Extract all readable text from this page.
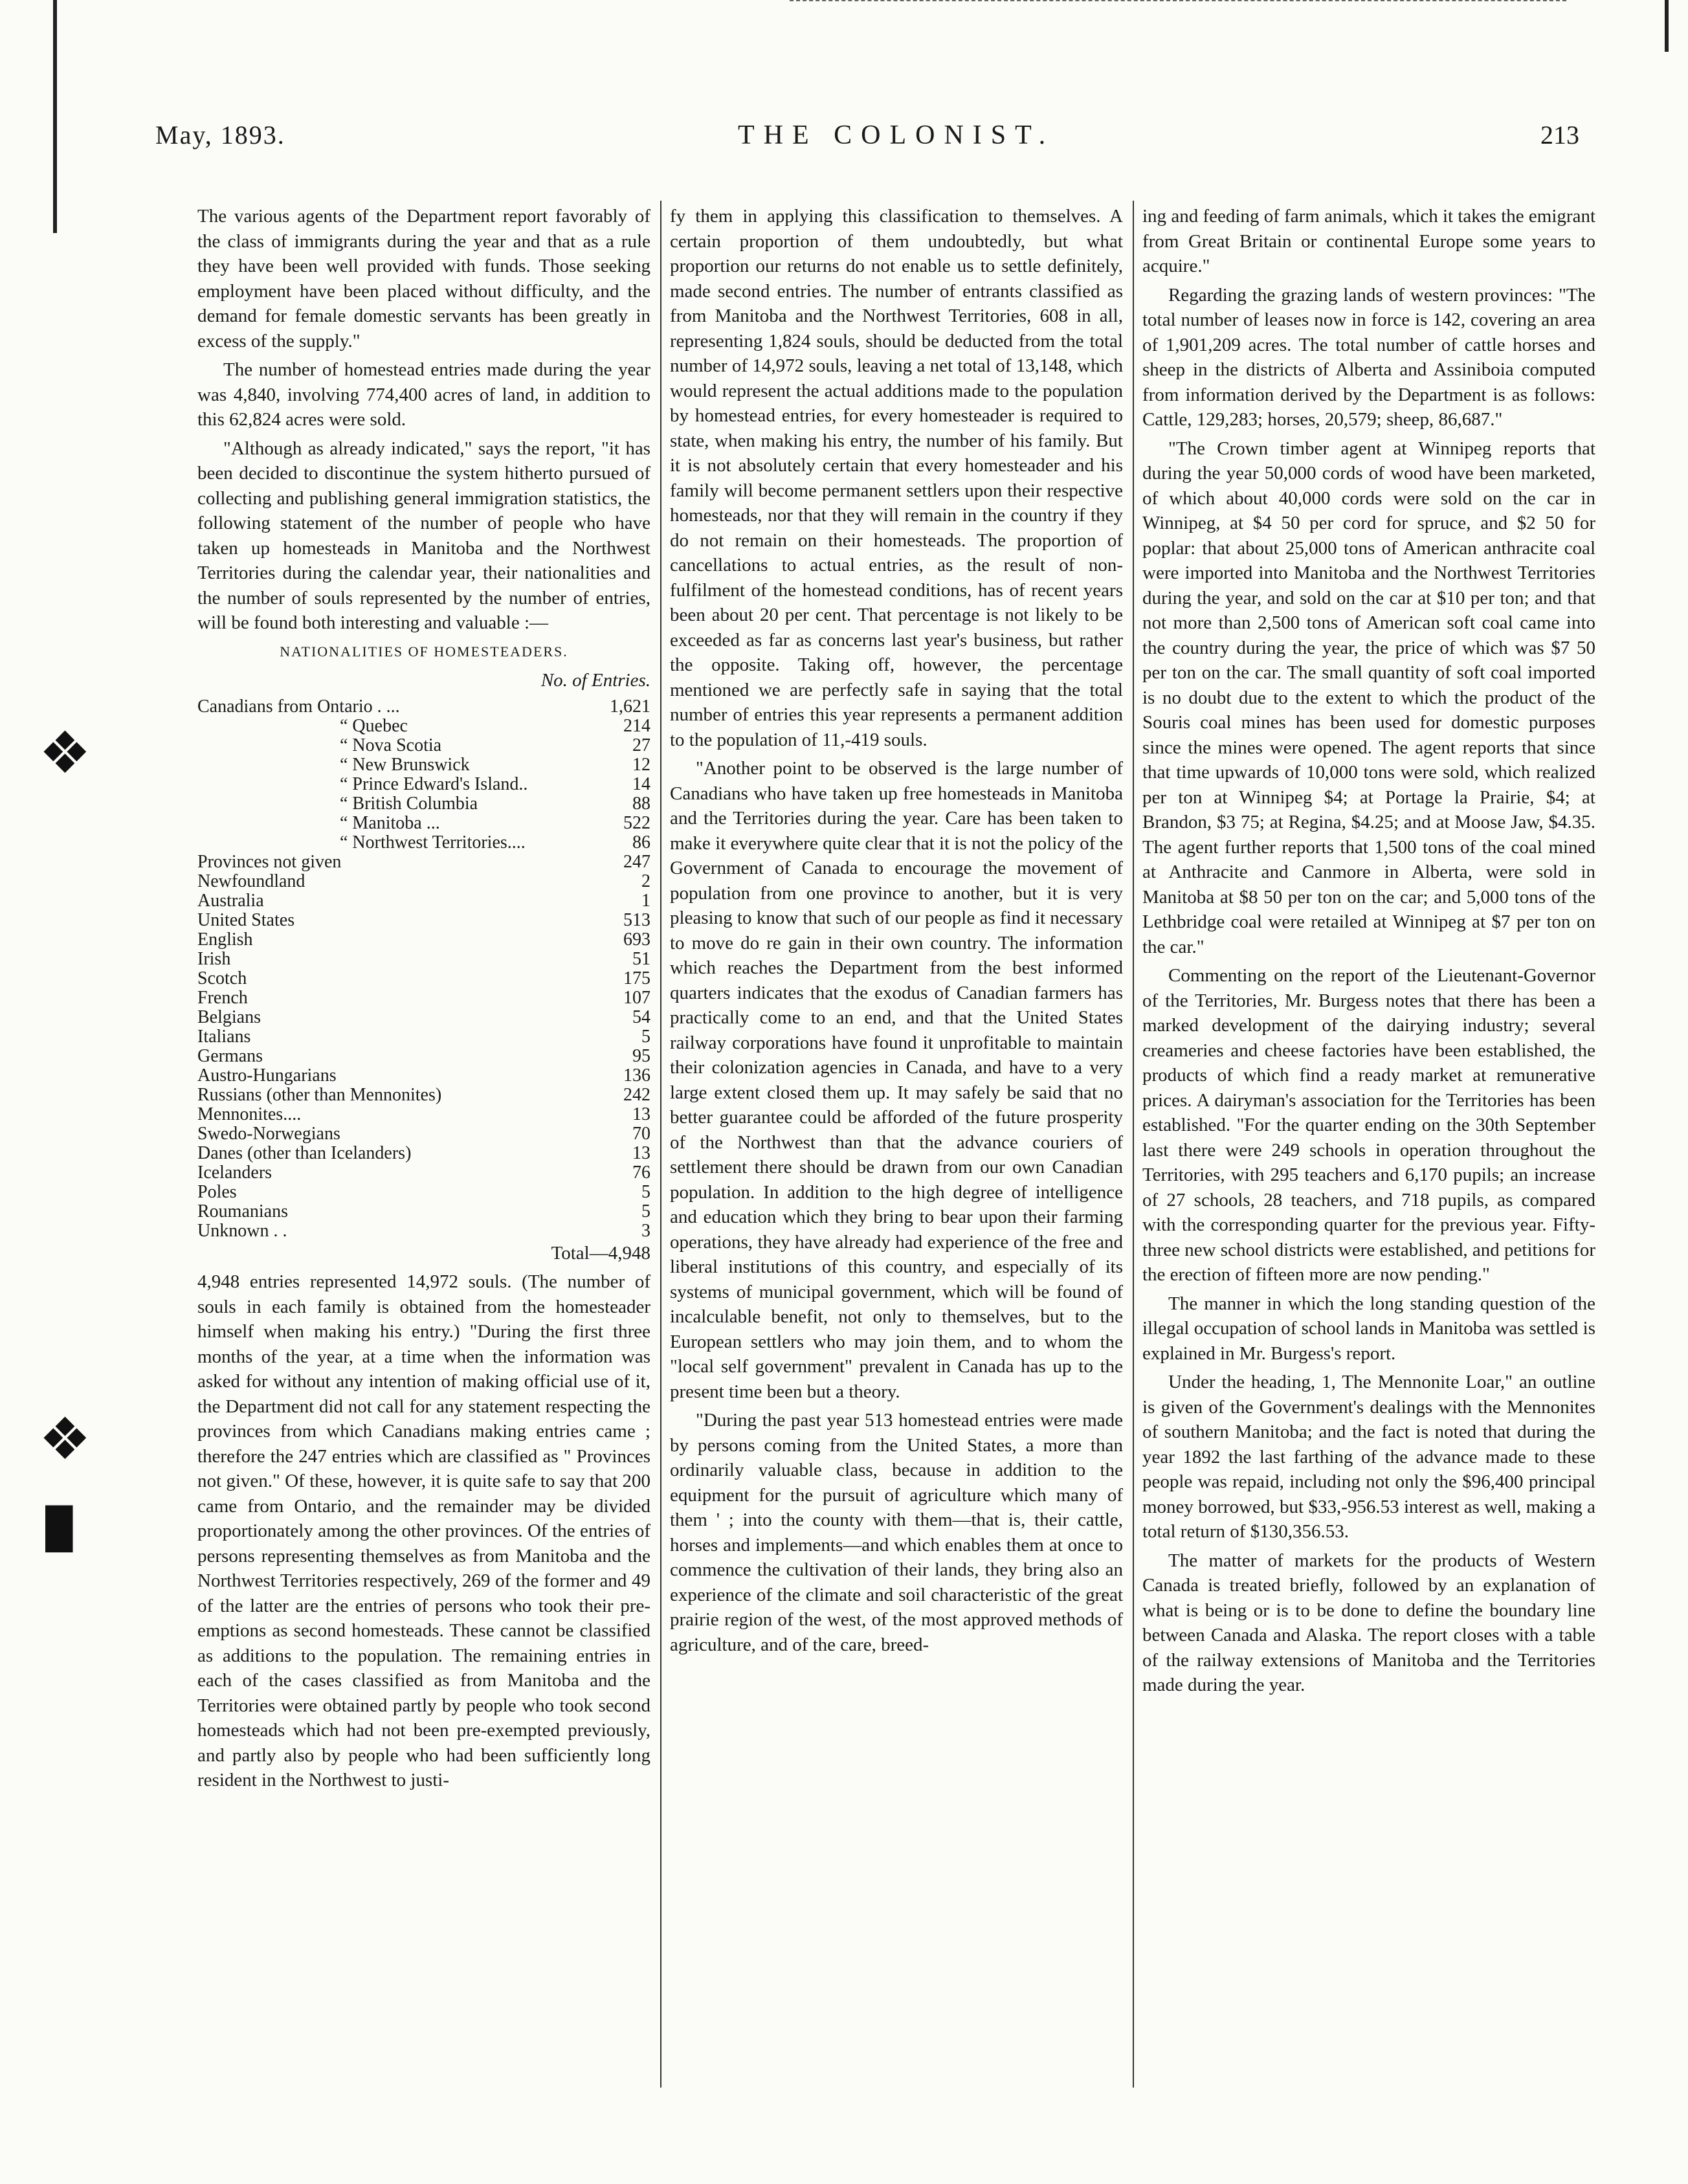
❖
❖
█
May, 1893.	THE COLONIST.	213

The various agents of the Department report favorably of the class of immigrants during the year and that as a rule they have been well provided with funds. Those seeking employment have been placed without difficulty, and the demand for female domestic servants has been greatly in excess of the supply."

The number of homestead entries made during the year was 4,840, involving 774,400 acres of land, in addition to this 62,824 acres were sold.

"Although as already indicated," says the report, "it has been decided to discontinue the system hitherto pursued of collecting and publishing general immigration statistics, the following statement of the number of people who have taken up homesteads in Manitoba and the Northwest Territories during the calendar year, their nationalities and the number of souls represented by the number of entries, will be found both interesting and valuable :—

NATIONALITIES OF HOMESTEADERS.

No. of Entries.

Canadians from Ontario . ...	1,621
“ Quebec	214
“ Nova Scotia	27
“ New Brunswick	12
“ Prince Edward's Island..	14
“ British Columbia	88
“ Manitoba ...	522
“ Northwest Territories....	86
Provinces not given	247
Newfoundland	2
Australia	1
United States	513
English	693
Irish	51
Scotch	175
French	107
Belgians	54
Italians	5
Germans	95
Austro-Hungarians	136
Russians (other than Mennonites)	242
Mennonites....	13
Swedo-Norwegians	70
Danes (other than Icelanders)	13
Icelanders	76
Poles	5
Roumanians	5
Unknown . .	3

Total—4,948

4,948 entries represented 14,972 souls. (The number of souls in each family is obtained from the homesteader himself when making his entry.) "During the first three months of the year, at a time when the information was asked for without any intention of making official use of it, the Department did not call for any statement respecting the provinces from which Canadians making entries came ; therefore the 247 entries which are classified as " Provinces not given." Of these, however, it is quite safe to say that 200 came from Ontario, and the remainder may be divided proportionately among the other provinces. Of the entries of persons representing themselves as from Manitoba and the Northwest Territories respectively, 269 of the former and 49 of the latter are the entries of persons who took their pre-emptions as second homesteads. These cannot be classified as additions to the population. The remaining entries in each of the cases classified as from Manitoba and the Territories were obtained partly by people who took second homesteads which had not been pre-exempted previously, and partly also by people who had been sufficiently long resident in the Northwest to justi-

fy them in applying this classification to themselves. A certain proportion of them undoubtedly, but what proportion our returns do not enable us to settle definitely, made second entries. The number of entrants classified as from Manitoba and the Northwest Territories, 608 in all, representing 1,824 souls, should be deducted from the total number of 14,972 souls, leaving a net total of 13,148, which would represent the actual additions made to the population by homestead entries, for every homesteader is required to state, when making his entry, the number of his family. But it is not absolutely certain that every homesteader and his family will become permanent settlers upon their respective homesteads, nor that they will remain in the country if they do not remain on their homesteads. The proportion of cancellations to actual entries, as the result of non-fulfilment of the homestead conditions, has of recent years been about 20 per cent. That percentage is not likely to be exceeded as far as concerns last year's business, but rather the opposite. Taking off, however, the percentage mentioned we are perfectly safe in saying that the total number of entries this year represents a permanent addition to the population of 11,-419 souls.

"Another point to be observed is the large number of Canadians who have taken up free homesteads in Manitoba and the Territories during the year. Care has been taken to make it everywhere quite clear that it is not the policy of the Government of Canada to encourage the movement of population from one province to another, but it is very pleasing to know that such of our people as find it necessary to move do re gain in their own country. The information which reaches the Department from the best informed quarters indicates that the exodus of Canadian farmers has practically come to an end, and that the United States railway corporations have found it unprofitable to maintain their colonization agencies in Canada, and have to a very large extent closed them up. It may safely be said that no better guarantee could be afforded of the future prosperity of the Northwest than that the advance couriers of settlement there should be drawn from our own Canadian population. In addition to the high degree of intelligence and education which they bring to bear upon their farming operations, they have already had experience of the free and liberal institutions of this country, and especially of its systems of municipal government, which will be found of incalculable benefit, not only to themselves, but to the European settlers who may join them, and to whom the "local self government" prevalent in Canada has up to the present time been but a theory.

"During the past year 513 homestead entries were made by persons coming from the United States, a more than ordinarily valuable class, because in addition to the equipment for the pursuit of agriculture which many of them ' ; into the county with them—that is, their cattle, horses and implements—and which enables them at once to commence the cultivation of their lands, they bring also an experience of the climate and soil characteristic of the great prairie region of the west, of the most approved methods of agriculture, and of the care, breed-

ing and feeding of farm animals, which it takes the emigrant from Great Britain or continental Europe some years to acquire."

Regarding the grazing lands of western provinces: "The total number of leases now in force is 142, covering an area of 1,901,209 acres. The total number of cattle horses and sheep in the districts of Alberta and Assiniboia computed from information derived by the Department is as follows: Cattle, 129,283; horses, 20,579; sheep, 86,687."

"The Crown timber agent at Winnipeg reports that during the year 50,000 cords of wood have been marketed, of which about 40,000 cords were sold on the car in Winnipeg, at $4 50 per cord for spruce, and $2 50 for poplar: that about 25,000 tons of American anthracite coal were imported into Manitoba and the Northwest Territories during the year, and sold on the car at $10 per ton; and that not more than 2,500 tons of American soft coal came into the country during the year, the price of which was $7 50 per ton on the car. The small quantity of soft coal imported is no doubt due to the extent to which the product of the Souris coal mines has been used for domestic purposes since the mines were opened. The agent reports that since that time upwards of 10,000 tons were sold, which realized per ton at Winnipeg $4; at Portage la Prairie, $4; at Brandon, $3 75; at Regina, $4.25; and at Moose Jaw, $4.35. The agent further reports that 1,500 tons of the coal mined at Anthracite and Canmore in Alberta, were sold in Manitoba at $8 50 per ton on the car; and 5,000 tons of the Lethbridge coal were retailed at Winnipeg at $7 per ton on the car."

Commenting on the report of the Lieutenant-Governor of the Territories, Mr. Burgess notes that there has been a marked development of the dairying industry; several creameries and cheese factories have been established, the products of which find a ready market at remunerative prices. A dairyman's association for the Territories has been established. "For the quarter ending on the 30th September last there were 249 schools in operation throughout the Territories, with 295 teachers and 6,170 pupils; an increase of 27 schools, 28 teachers, and 718 pupils, as compared with the corresponding quarter for the previous year. Fifty-three new school districts were established, and petitions for the erection of fifteen more are now pending."

The manner in which the long standing question of the illegal occupation of school lands in Manitoba was settled is explained in Mr. Burgess's report.

Under the heading, 1, The Mennonite Loar," an outline is given of the Government's dealings with the Mennonites of southern Manitoba; and the fact is noted that during the year 1892 the last farthing of the advance made to these people was repaid, including not only the $96,400 principal money borrowed, but $33,-956.53 interest as well, making a total return of $130,356.53.

The matter of markets for the products of Western Canada is treated briefly, followed by an explanation of what is being or is to be done to define the boundary line between Canada and Alaska. The report closes with a table of the railway extensions of Manitoba and the Territories made during the year.
